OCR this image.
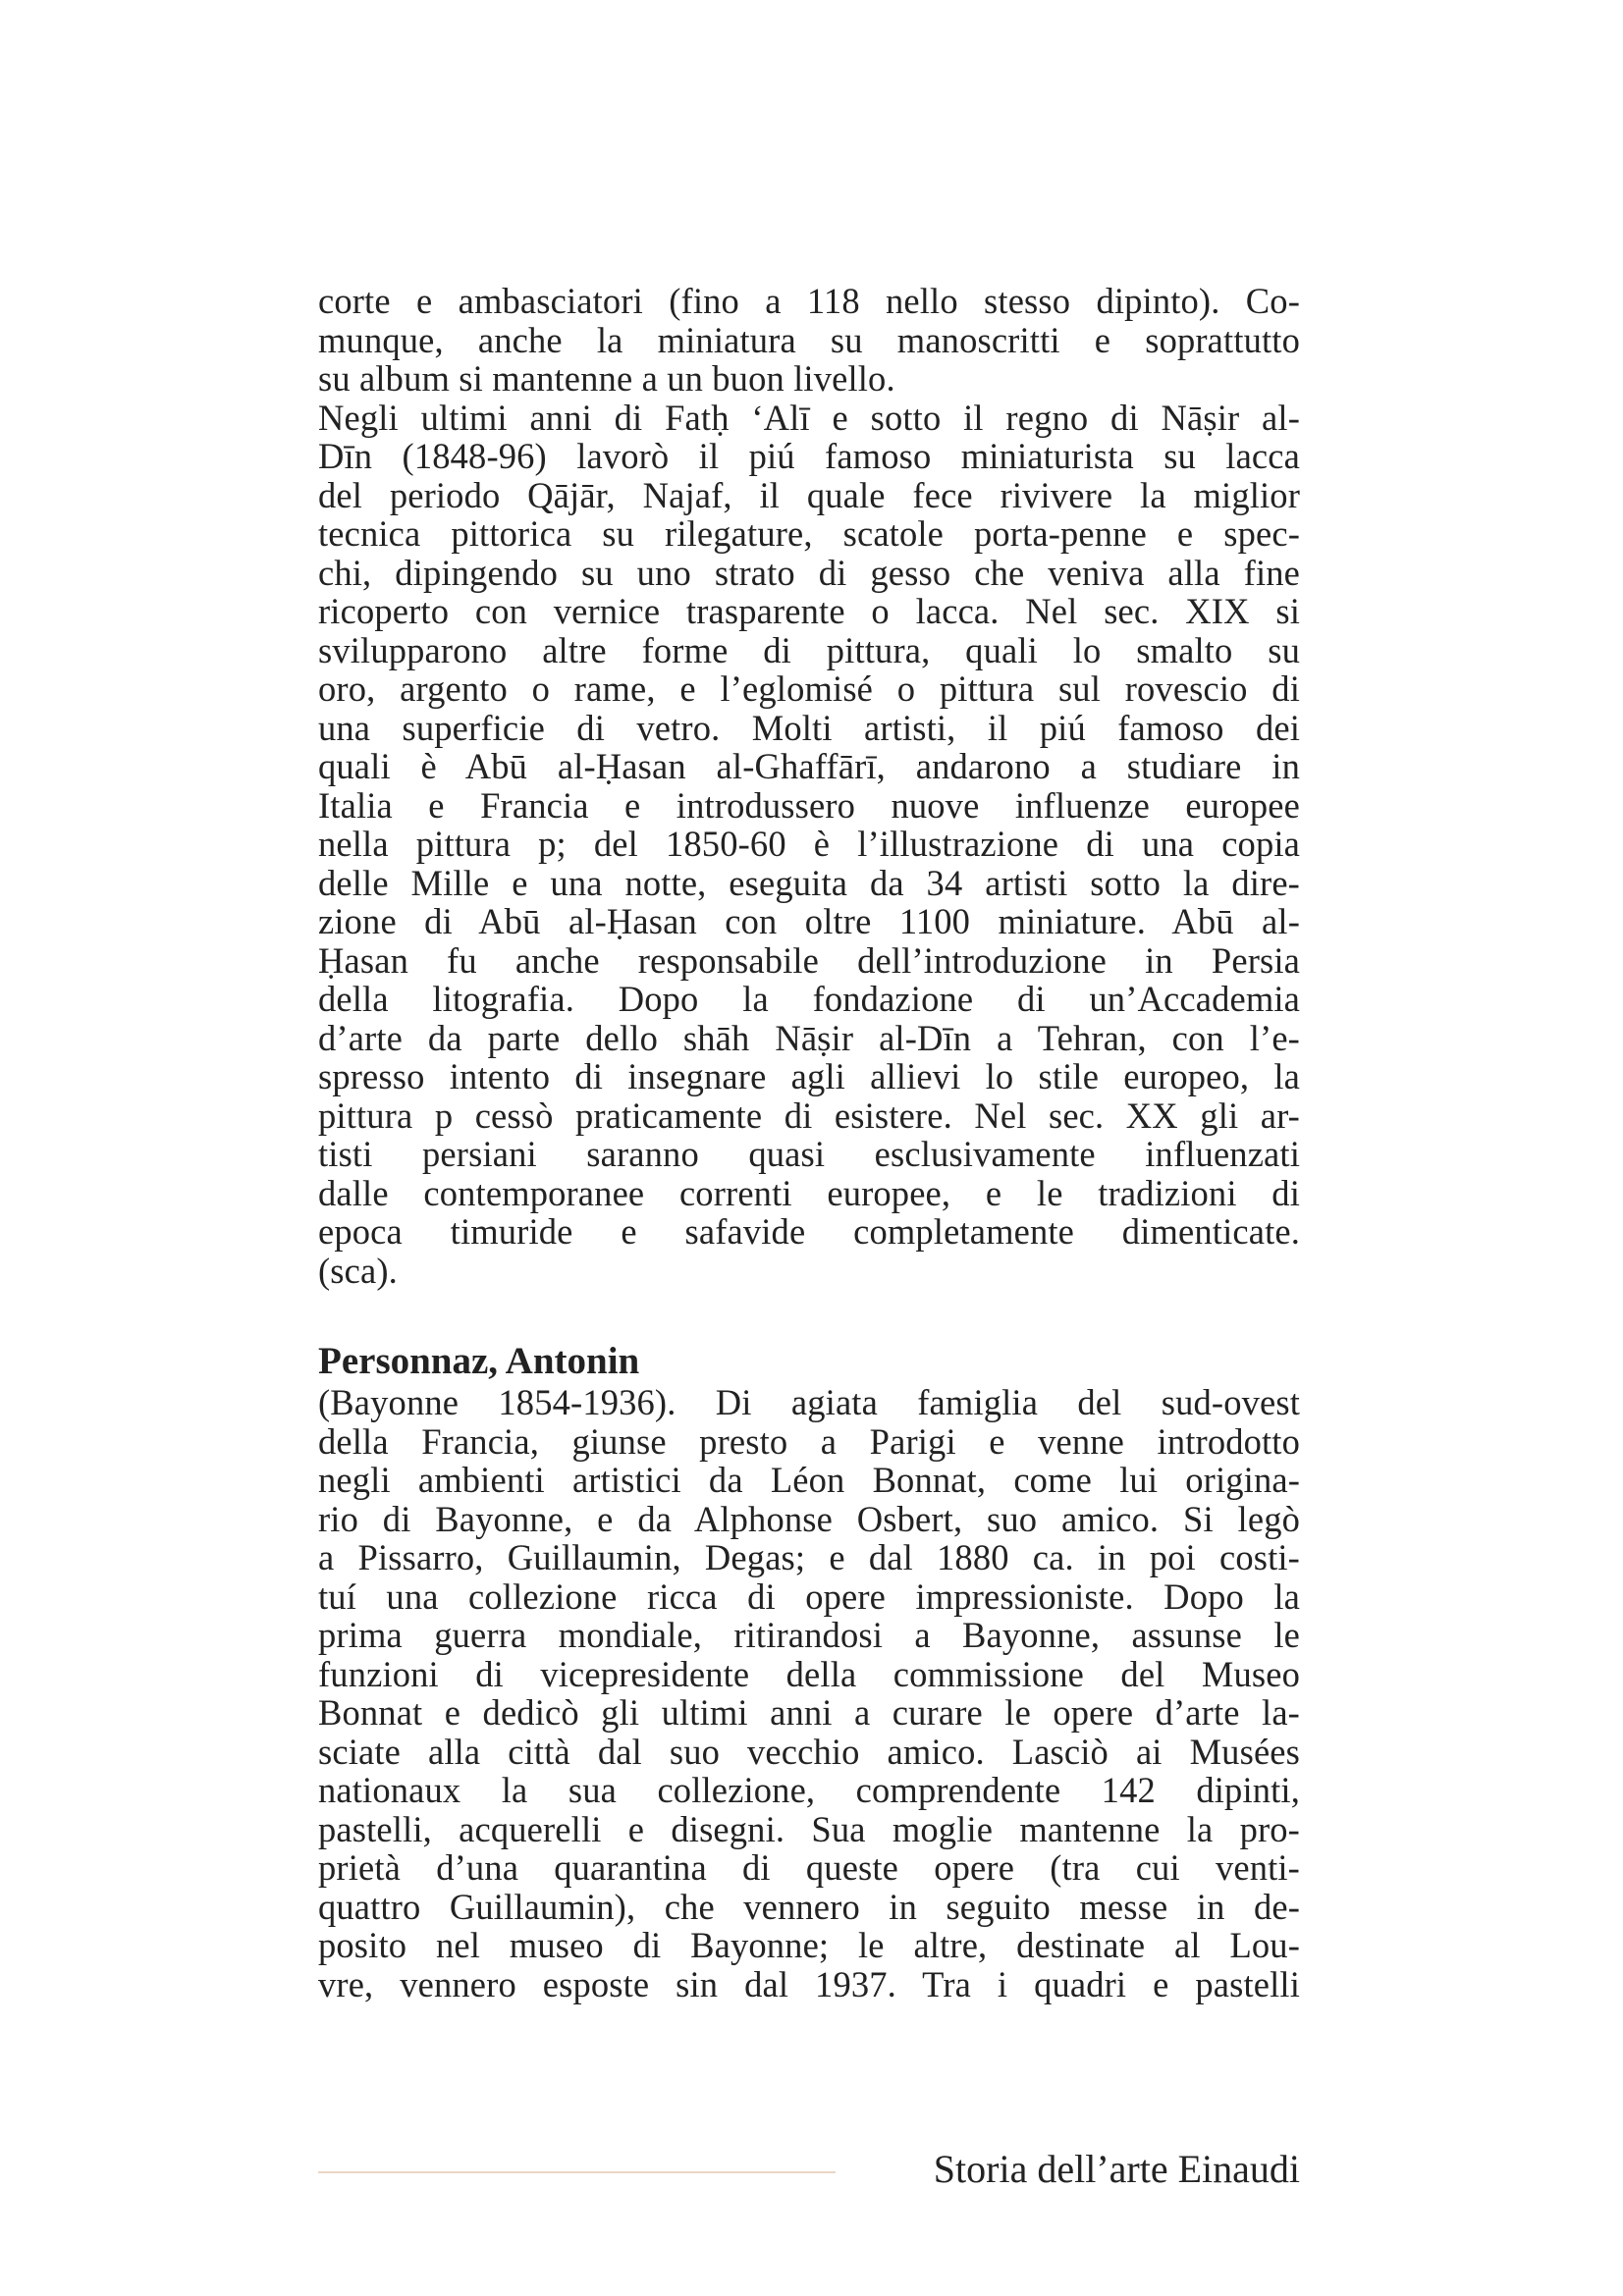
corte e ambasciatori (fino a 118 nello stesso dipinto). Co-
munque, anche la miniatura su manoscritti e soprattutto
su album si mantenne a un buon livello.
Negli ultimi anni di Fatḥ ‘Alī e sotto il regno di Nāṣir al-
Dīn (1848-96) lavorò il piú famoso miniaturista su lacca
del periodo Qājār, Najaf, il quale fece rivivere la miglior
tecnica pittorica su rilegature, scatole porta-penne e spec-
chi, dipingendo su uno strato di gesso che veniva alla fine
ricoperto con vernice trasparente o lacca. Nel sec. XIX si
svilupparono altre forme di pittura, quali lo smalto su
oro, argento o rame, e l’eglomisé o pittura sul rovescio di
una superficie di vetro. Molti artisti, il piú famoso dei
quali è Abū al-Ḥasan al-Ghaffārī, andarono a studiare in
Italia e Francia e introdussero nuove influenze europee
nella pittura p; del 1850-60 è l’illustrazione di una copia
delle Mille e una notte, eseguita da 34 artisti sotto la dire-
zione di Abū al-Ḥasan con oltre 1100 miniature. Abū al-
Ḥasan fu anche responsabile dell’introduzione in Persia
della litografia. Dopo la fondazione di un’Accademia
d’arte da parte dello shāh Nāṣir al-Dīn a Tehran, con l’e-
spresso intento di insegnare agli allievi lo stile europeo, la
pittura p cessò praticamente di esistere. Nel sec. XX gli ar-
tisti persiani saranno quasi esclusivamente influenzati
dalle contemporanee correnti europee, e le tradizioni di
epoca timuride e safavide completamente dimenticate.
(sca).
Personnaz, Antonin
(Bayonne 1854-1936). Di agiata famiglia del sud-ovest
della Francia, giunse presto a Parigi e venne introdotto
negli ambienti artistici da Léon Bonnat, come lui origina-
rio di Bayonne, e da Alphonse Osbert, suo amico. Si legò
a Pissarro, Guillaumin, Degas; e dal 1880 ca. in poi costi-
tuí una collezione ricca di opere impressioniste. Dopo la
prima guerra mondiale, ritirandosi a Bayonne, assunse le
funzioni di vicepresidente della commissione del Museo
Bonnat e dedicò gli ultimi anni a curare le opere d’arte la-
sciate alla città dal suo vecchio amico. Lasciò ai Musées
nationaux la sua collezione, comprendente 142 dipinti,
pastelli, acquerelli e disegni. Sua moglie mantenne la pro-
prietà d’una quarantina di queste opere (tra cui venti-
quattro Guillaumin), che vennero in seguito messe in de-
posito nel museo di Bayonne; le altre, destinate al Lou-
vre, vennero esposte sin dal 1937. Tra i quadri e pastelli
Storia dell’arte Einaudi
